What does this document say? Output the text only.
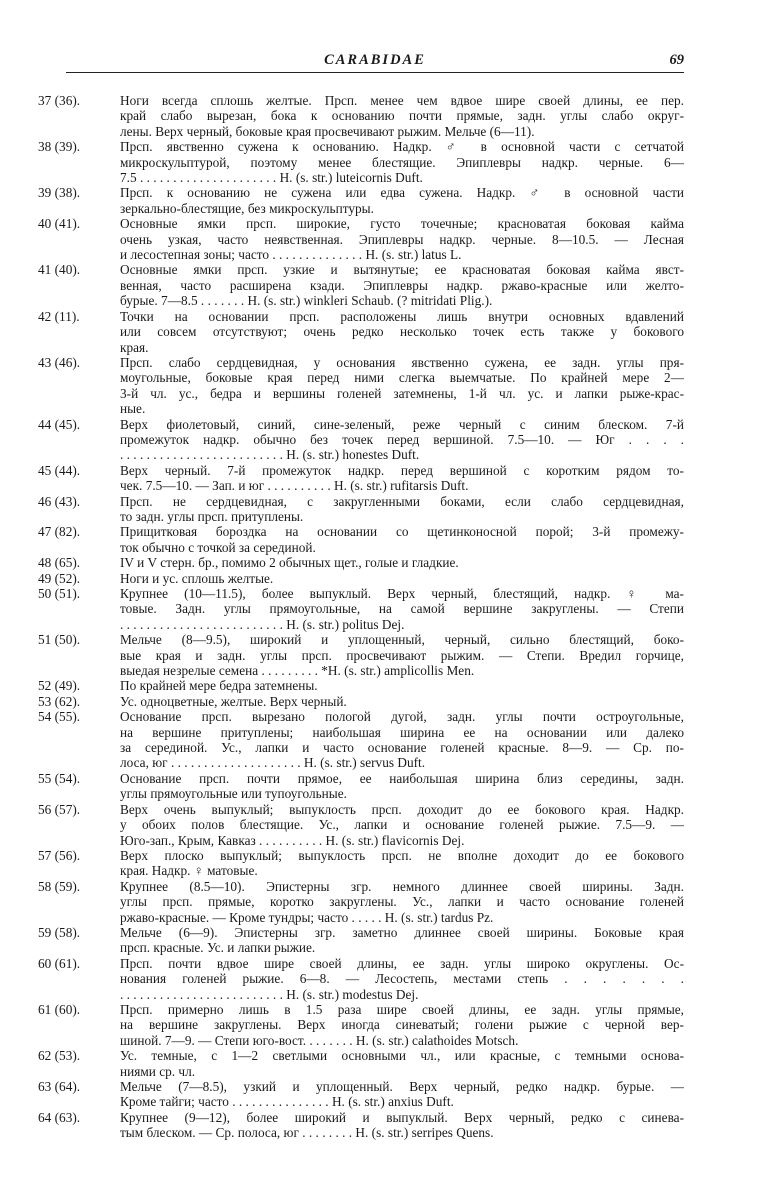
CARABIDAE	69
37 (36).	Ноги всегда сплошь желтые. Прсп. менее чем вдвое шире своей длины, ее пер.
край слабо вырезан, бока к основанию почти прямые, задн. углы слабо округ-
лены. Верх черный, боковые края просвечивают рыжим. Мельче (6—11).
38 (39).	Прсп. явственно сужена к основанию. Надкр. ♂ в основной части с сетчатой
микроскульптурой, поэтому менее блестящие. Эпиплевры надкр. черные. 6—
7.5 . . . . . . . . . . . . . . . . . . . . . H. (s. str.) luteicornis Duft.
39 (38).	Прсп. к основанию не сужена или едва сужена. Надкр. ♂ в основной части
зеркально-блестящие, без микроскульптуры.
40 (41).	Основные ямки прсп. широкие, густо точечные; красноватая боковая кайма
очень узкая, часто неявственная. Эпиплевры надкр. черные. 8—10.5. — Лесная
и лесостепная зоны; часто . . . . . . . . . . . . . . H. (s. str.) latus L.
41 (40).	Основные ямки прсп. узкие и вытянутые; ее красноватая боковая кайма явст-
венная, часто расширена кзади. Эпиплевры надкр. ржаво-красные или желто-
бурые. 7—8.5 . . . . . . . H. (s. str.) winkleri Schaub. (? mitridati Plig.).
42 (11).	Точки на основании прсп. расположены лишь внутри основных вдавлений
или совсем отсутствуют; очень редко несколько точек есть также у бокового
края.
43 (46).	Прсп. слабо сердцевидная, у основания явственно сужена, ее задн. углы пря-
моугольные, боковые края перед ними слегка выемчатые. По крайней мере 2—
3-й чл. ус., бедра и вершины голеней затемнены, 1-й чл. ус. и лапки рыже-крас-
ные.
44 (45).	Верх фиолетовый, синий, сине-зеленый, реже черный с синим блеском. 7-й
промежуток надкр. обычно без точек перед вершиной. 7.5—10. — Юг . . . .
. . . . . . . . . . . . . . . . . . . . . . . . . H. (s. str.) honestes Duft.
45 (44).	Верх черный. 7-й промежуток надкр. перед вершиной с коротким рядом то-
чек. 7.5—10. — Зап. и юг . . . . . . . . . . H. (s. str.) rufitarsis Duft.
46 (43).	Прсп. не сердцевидная, с закругленными боками, если слабо сердцевидная,
то задн. углы прсп. притуплены.
47 (82).	Прищитковая бороздка на основании со щетинконосной порой; 3-й промежу-
ток обычно с точкой за серединой.
48 (65).	IV и V стерн. бр., помимо 2 обычных щет., голые и гладкие.
49 (52).	Ноги и ус. сплошь желтые.
50 (51).	Крупнее (10—11.5), более выпуклый. Верх черный, блестящий, надкр. ♀ ма-
товые. Задн. углы прямоугольные, на самой вершине закруглены. — Степи
. . . . . . . . . . . . . . . . . . . . . . . . . H. (s. str.) politus Dej.
51 (50).	Мельче (8—9.5), широкий и уплощенный, черный, сильно блестящий, боко-
вые края и задн. углы прсп. просвечивают рыжим. — Степи. Вредил горчице,
выедая незрелые семена . . . . . . . . . *H. (s. str.) amplicollis Men.
52 (49).	По крайней мере бедра затемнены.
53 (62).	Ус. одноцветные, желтые. Верх черный.
54 (55).	Основание прсп. вырезано пологой дугой, задн. углы почти остроугольные,
на вершине притуплены; наибольшая ширина ее на основании или далеко
за серединой. Ус., лапки и часто основание голеней красные. 8—9. — Ср. по-
лоса, юг . . . . . . . . . . . . . . . . . . . . H. (s. str.) servus Duft.
55 (54).	Основание прсп. почти прямое, ее наибольшая ширина близ середины, задн.
углы прямоугольные или тупоугольные.
56 (57).	Верх очень выпуклый; выпуклость прсп. доходит до ее бокового края. Надкр.
у обоих полов блестящие. Ус., лапки и основание голеней рыжие. 7.5—9. —
Юго-зап., Крым, Кавказ . . . . . . . . . . H. (s. str.) flavicornis Dej.
57 (56).	Верх плоско выпуклый; выпуклость прсп. не вполне доходит до ее бокового
края. Надкр. ♀ матовые.
58 (59).	Крупнее (8.5—10). Эпистерны згр. немного длиннее своей ширины. Задн.
углы прсп. прямые, коротко закруглены. Ус., лапки и часто основание голеней
ржаво-красные. — Кроме тундры; часто . . . . . H. (s. str.) tardus Pz.
59 (58).	Мельче (6—9). Эпистерны згр. заметно длиннее своей ширины. Боковые края
прсп. красные. Ус. и лапки рыжие.
60 (61).	Прсп. почти вдвое шире своей длины, ее задн. углы широко округлены. Ос-
нования голеней рыжие. 6—8. — Лесостепь, местами степь . . . . . . .
. . . . . . . . . . . . . . . . . . . . . . . . . H. (s. str.) modestus Dej.
61 (60).	Прсп. примерно лишь в 1.5 раза шире своей длины, ее задн. углы прямые,
на вершине закруглены. Верх иногда синеватый; голени рыжие с черной вер-
шиной. 7—9. — Степи юго-вост. . . . . . . . H. (s. str.) calathoides Motsch.
62 (53).	Ус. темные, с 1—2 светлыми основными чл., или красные, с темными основа-
ниями ср. чл.
63 (64).	Мельче (7—8.5), узкий и уплощенный. Верх черный, редко надкр. бурые. —
Кроме тайги; часто . . . . . . . . . . . . . . . H. (s. str.) anxius Duft.
64 (63).	Крупнее (9—12), более широкий и выпуклый. Верх черный, редко с синева-
тым блеском. — Ср. полоса, юг . . . . . . . . H. (s. str.) serripes Quens.
